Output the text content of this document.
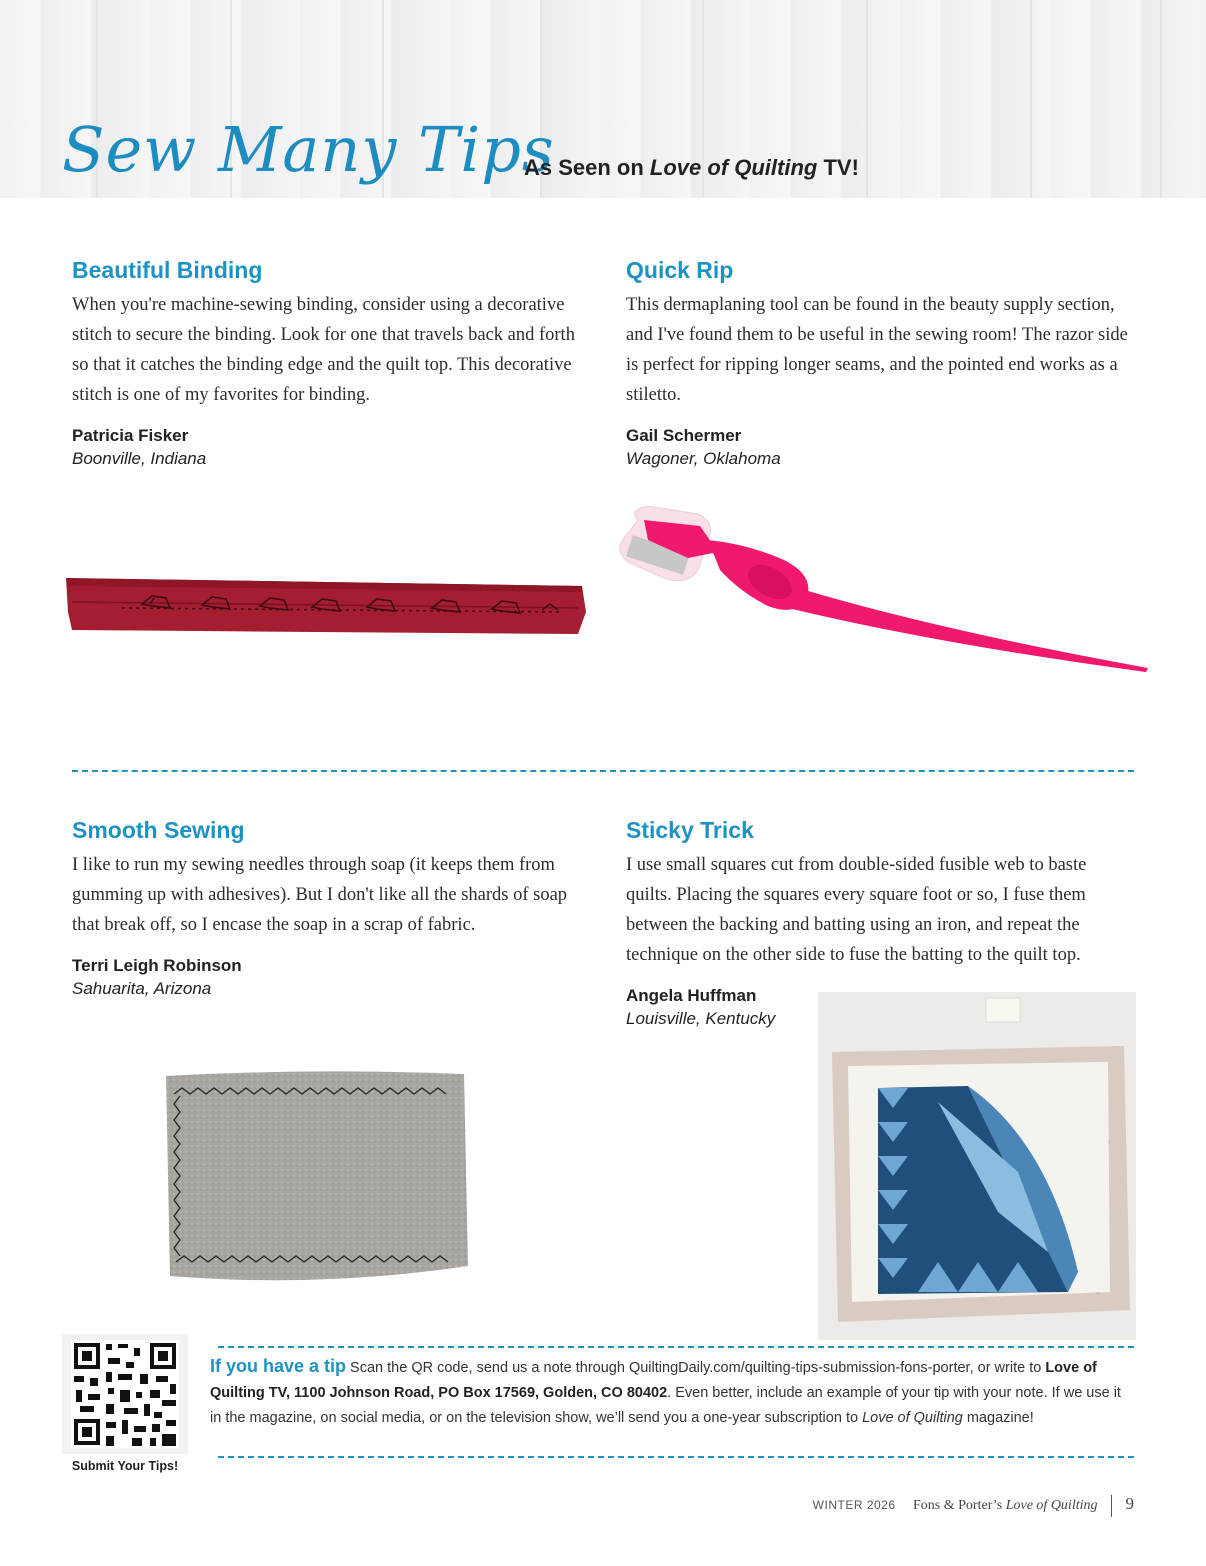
Sew Many Tips
As Seen on Love of Quilting TV!
Beautiful Binding

When you're machine-sewing binding, consider using a decorative stitch to secure the binding. Look for one that travels back and forth so that it catches the binding edge and the quilt top. This decorative stitch is one of my favorites for binding.

Patricia Fisker
Boonville, Indiana
Quick Rip

This dermaplaning tool can be found in the beauty supply section, and I've found them to be useful in the sewing room! The razor side is perfect for ripping longer seams, and the pointed end works as a stiletto.

Gail Schermer
Wagoner, Oklahoma
Smooth Sewing

I like to run my sewing needles through soap (it keeps them from gumming up with adhesives). But I don't like all the shards of soap that break off, so I encase the soap in a scrap of fabric.

Terri Leigh Robinson
Sahuarita, Arizona
Sticky Trick

I use small squares cut from double-sided fusible web to baste quilts. Placing the squares every square foot or so, I fuse them between the backing and batting using an iron, and repeat the technique on the other side to fuse the batting to the quilt top.

Angela Huffman
Louisville, Kentucky
Submit Your Tips!
If you have a tip Scan the QR code, send us a note through QuiltingDaily.com/quilting-tips-submission-fons-porter, or write to Love of Quilting TV, 1100 Johnson Road, PO Box 17569, Golden, CO 80402. Even better, include an example of your tip with your note. If we use it in the magazine, on social media, or on the television show, we’ll send you a one-year subscription to Love of Quilting magazine!
WINTER 2026 Fons & Porter’s Love of Quilting 9
